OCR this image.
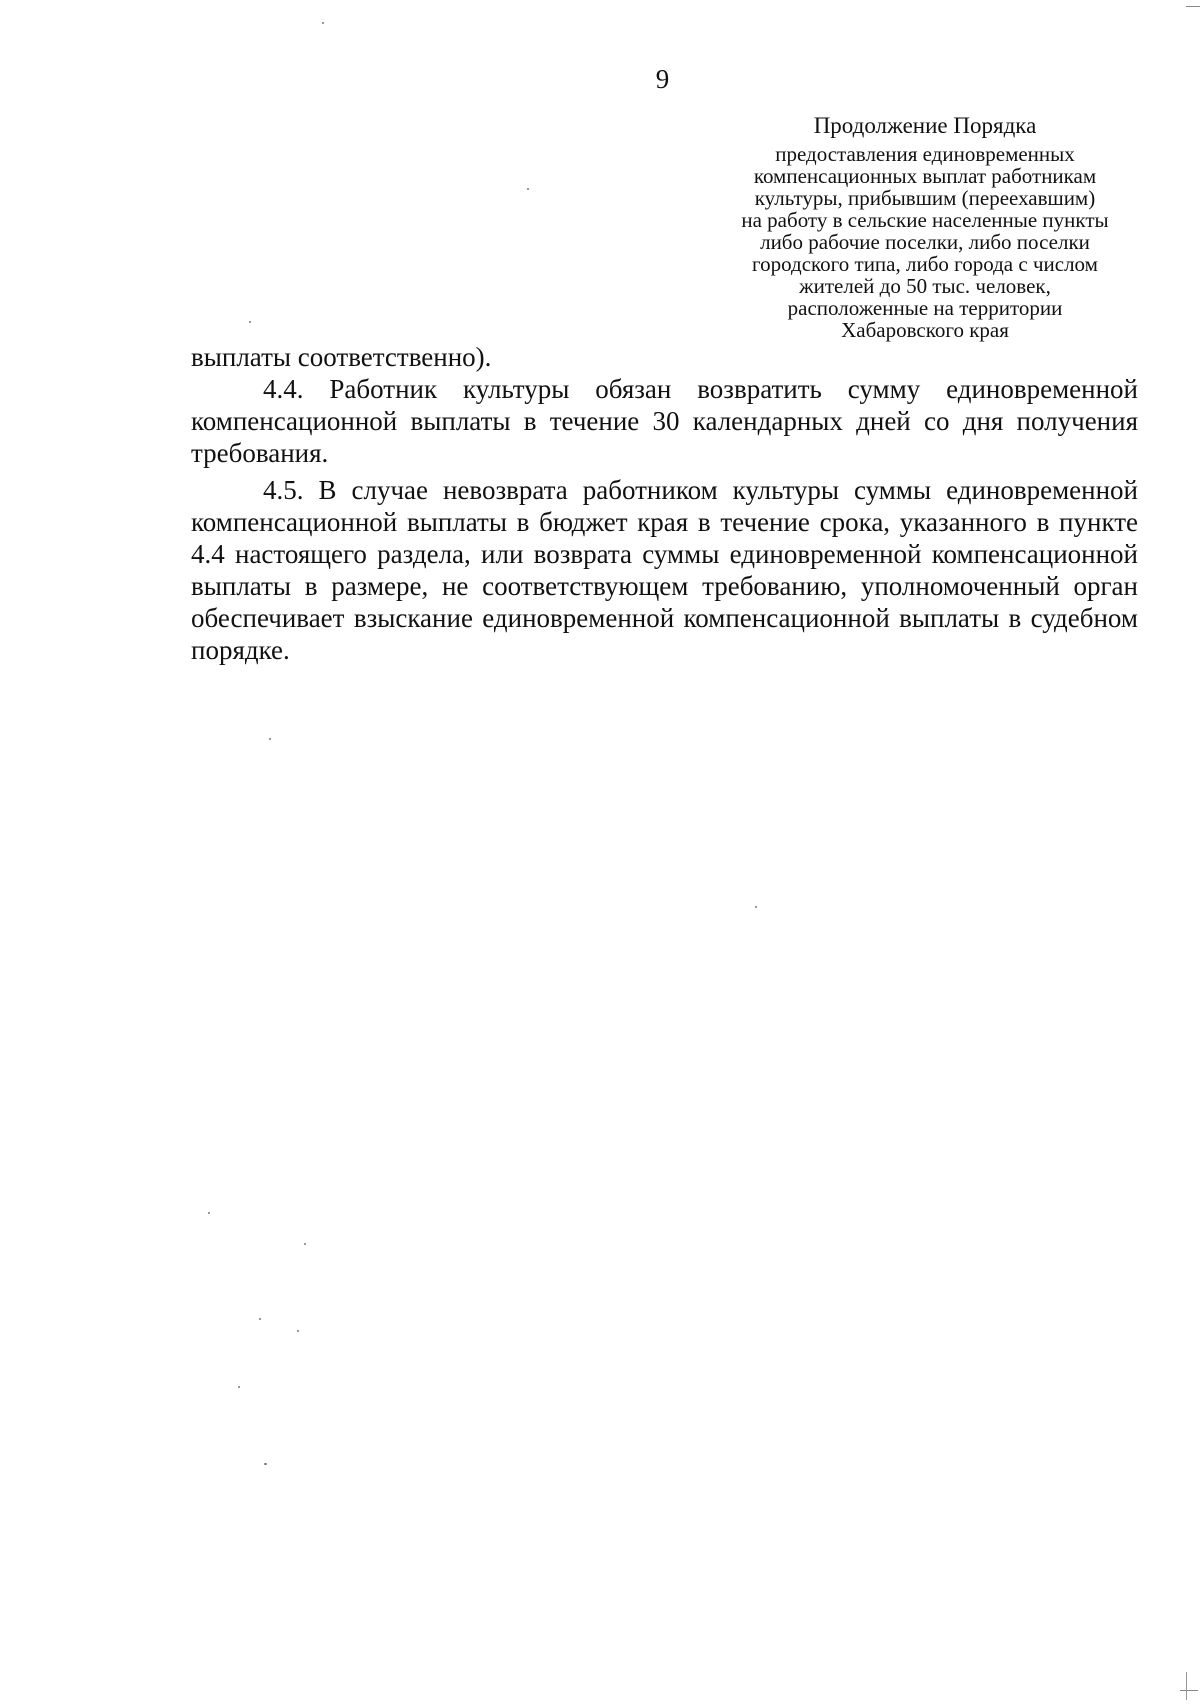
9
Продолжение Порядка
предоставления единовременных
компенсационных выплат работникам
культуры, прибывшим (переехавшим)
на работу в сельские населенные пункты
либо рабочие поселки, либо поселки
городского типа, либо города с числом
жителей до 50 тыс. человек,
расположенные на территории
Хабаровского края

выплаты соответственно).

4.4. Работник культуры обязан возвратить сумму единовременной компенсационной выплаты в течение 30 календарных дней со дня получения требования.

4.5. В случае невозврата работником культуры суммы единовременной компенсационной выплаты в бюджет края в течение срока, указанного в пункте 4.4 настоящего раздела, или возврата суммы единовременной компенсационной выплаты в размере, не соответствующем требованию, уполномоченный орган обеспечивает взыскание единовременной компенсационной выплаты в судебном порядке.
